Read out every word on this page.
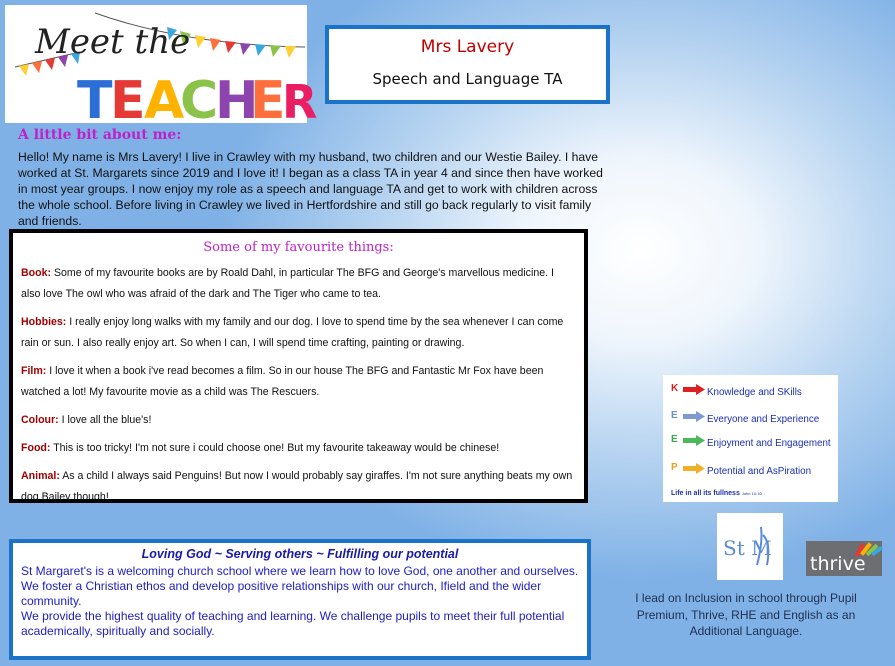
Meet the
T
E
A
C
H
E
R
TEACHER
Mrs Lavery
Speech and Language TA
A little bit about me:
Hello! My name is Mrs Lavery! I live in Crawley with my husband, two children and our Westie Bailey. I have worked at St. Margarets since 2019 and I love it! I began as a class TA in year 4 and since then have worked in most year groups. I now enjoy my role as a speech and language TA and get to work with children across the whole school. Before living in Crawley we lived in Hertfordshire and still go back regularly to visit family and friends.
Some of my favourite things:
Book: Some of my favourite books are by Roald Dahl, in particular The BFG and George's marvellous medicine. I also love The owl who was afraid of the dark and The Tiger who came to tea.
Hobbies: I really enjoy long walks with my family and our dog. I love to spend time by the sea whenever I can come rain or sun. I also really enjoy art. So when I can, I will spend time crafting, painting or drawing.
Film: I love it when a book i've read becomes a film. So in our house The BFG and Fantastic Mr Fox have been watched a lot! My favourite movie as a child was The Rescuers.
Colour: I love all the blue's!
Food: This is too tricky! I'm not sure i could choose one! But my favourite takeaway would be chinese!
Animal: As a child I always said Penguins! But now I would probably say giraffes. I'm not sure anything beats my own dog Bailey though!
Loving God ~ Serving others ~ Fulfilling our potential

St Margaret's is a welcoming church school where we learn how to love God, one another and ourselves.

We foster a Christian ethos and develop positive relationships with our church, Ifield and the wider community.

We provide the highest quality of teaching and learning. We challenge pupils to meet their full potential academically, spiritually and socially.

K	Knowledge and SKills
E	Everyone and Experience
E	Enjoyment and Engagement
P	Potential and AsPiration
Life in all its fullness John 10:10
St M
thrive
I lead on Inclusion in school through Pupil Premium, Thrive, RHE and English as an Additional Language.
